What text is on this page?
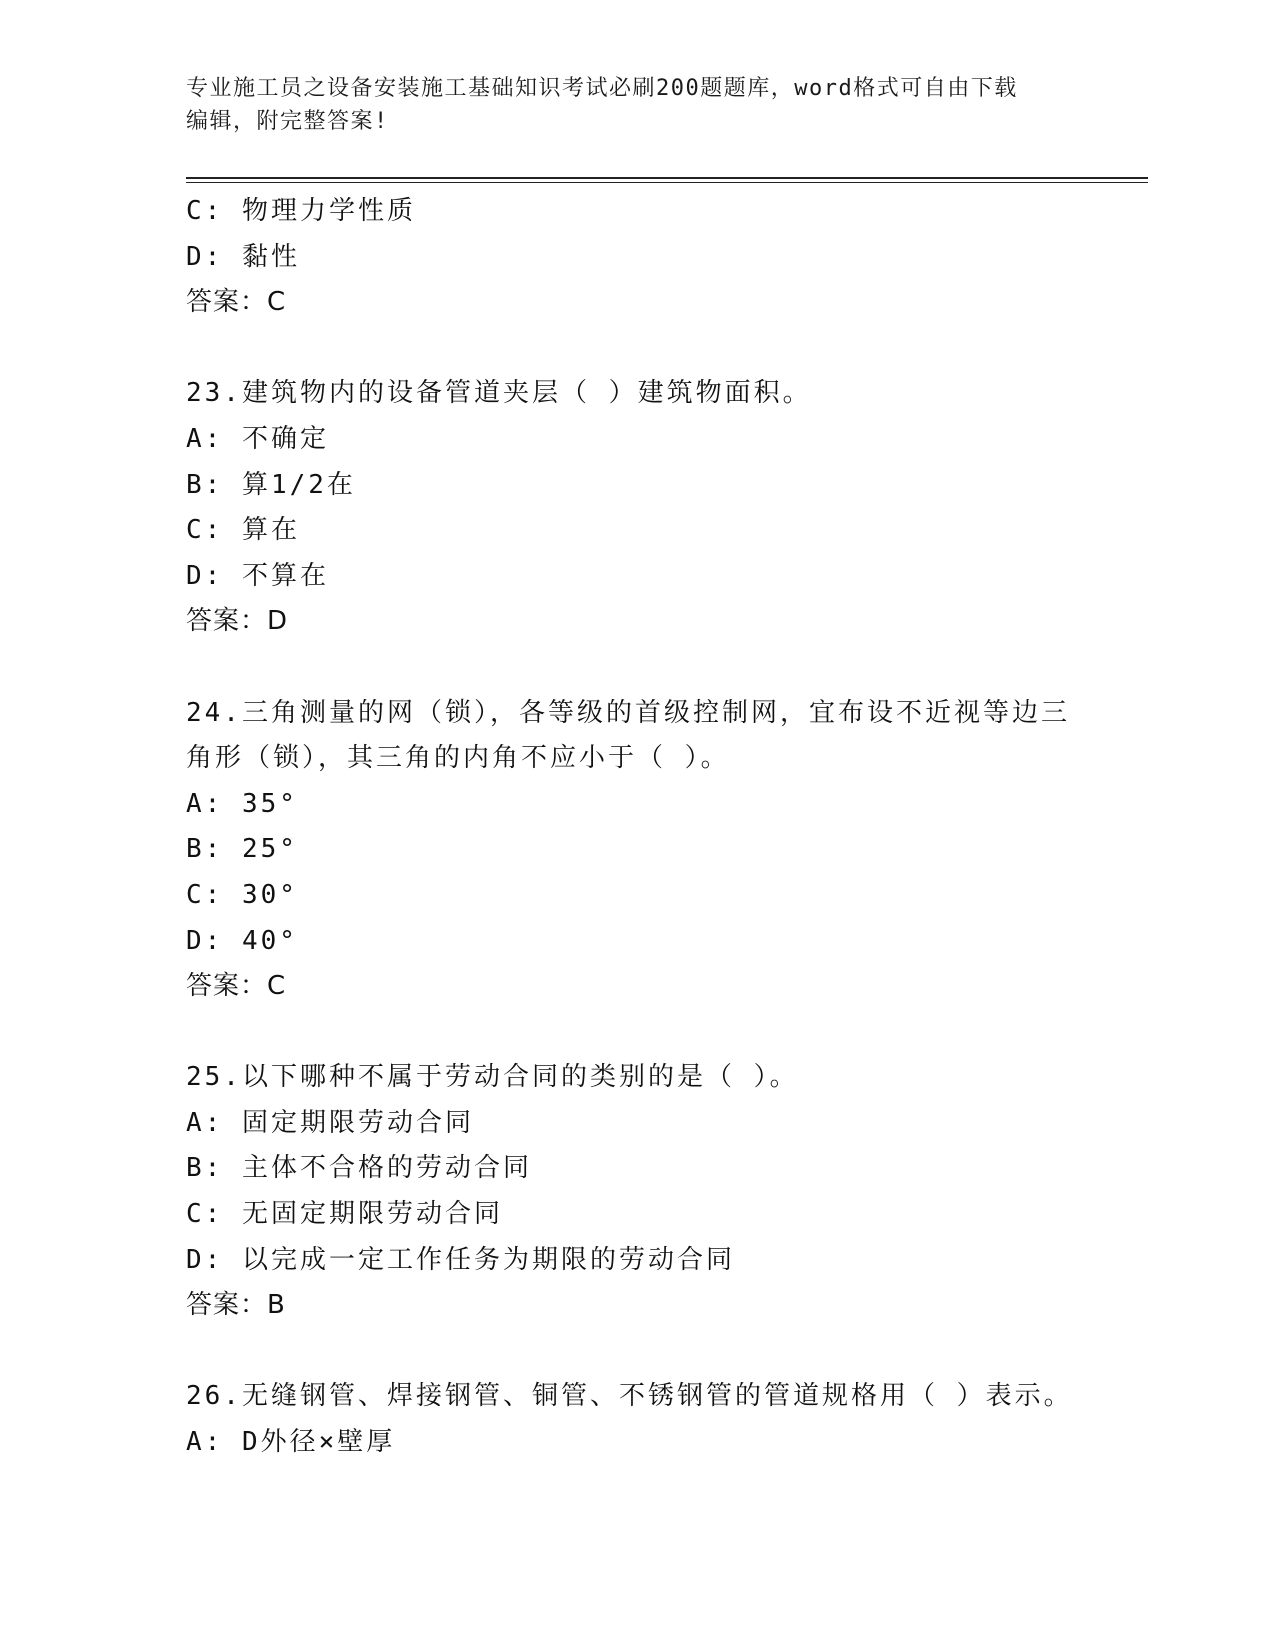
专业施工员之设备安装施工基础知识考试必刷200题题库，word格式可自由下载
编辑，附完整答案!
C: 物理力学性质
D: 黏性
答案：C
23.建筑物内的设备管道夹层（ ）建筑物面积。
A: 不确定
B: 算1/2在
C: 算在
D: 不算在
答案：D
24.三角测量的网（锁），各等级的首级控制网，宜布设不近视等边三
角形（锁），其三角的内角不应小于（ ）。
A: 35°
B: 25°
C: 30°
D: 40°
答案：C
25.以下哪种不属于劳动合同的类别的是（ ）。
A: 固定期限劳动合同
B: 主体不合格的劳动合同
C: 无固定期限劳动合同
D: 以完成一定工作任务为期限的劳动合同
答案：B
26.无缝钢管、焊接钢管、铜管、不锈钢管的管道规格用（ ）表示。
A: D外径×壁厚
